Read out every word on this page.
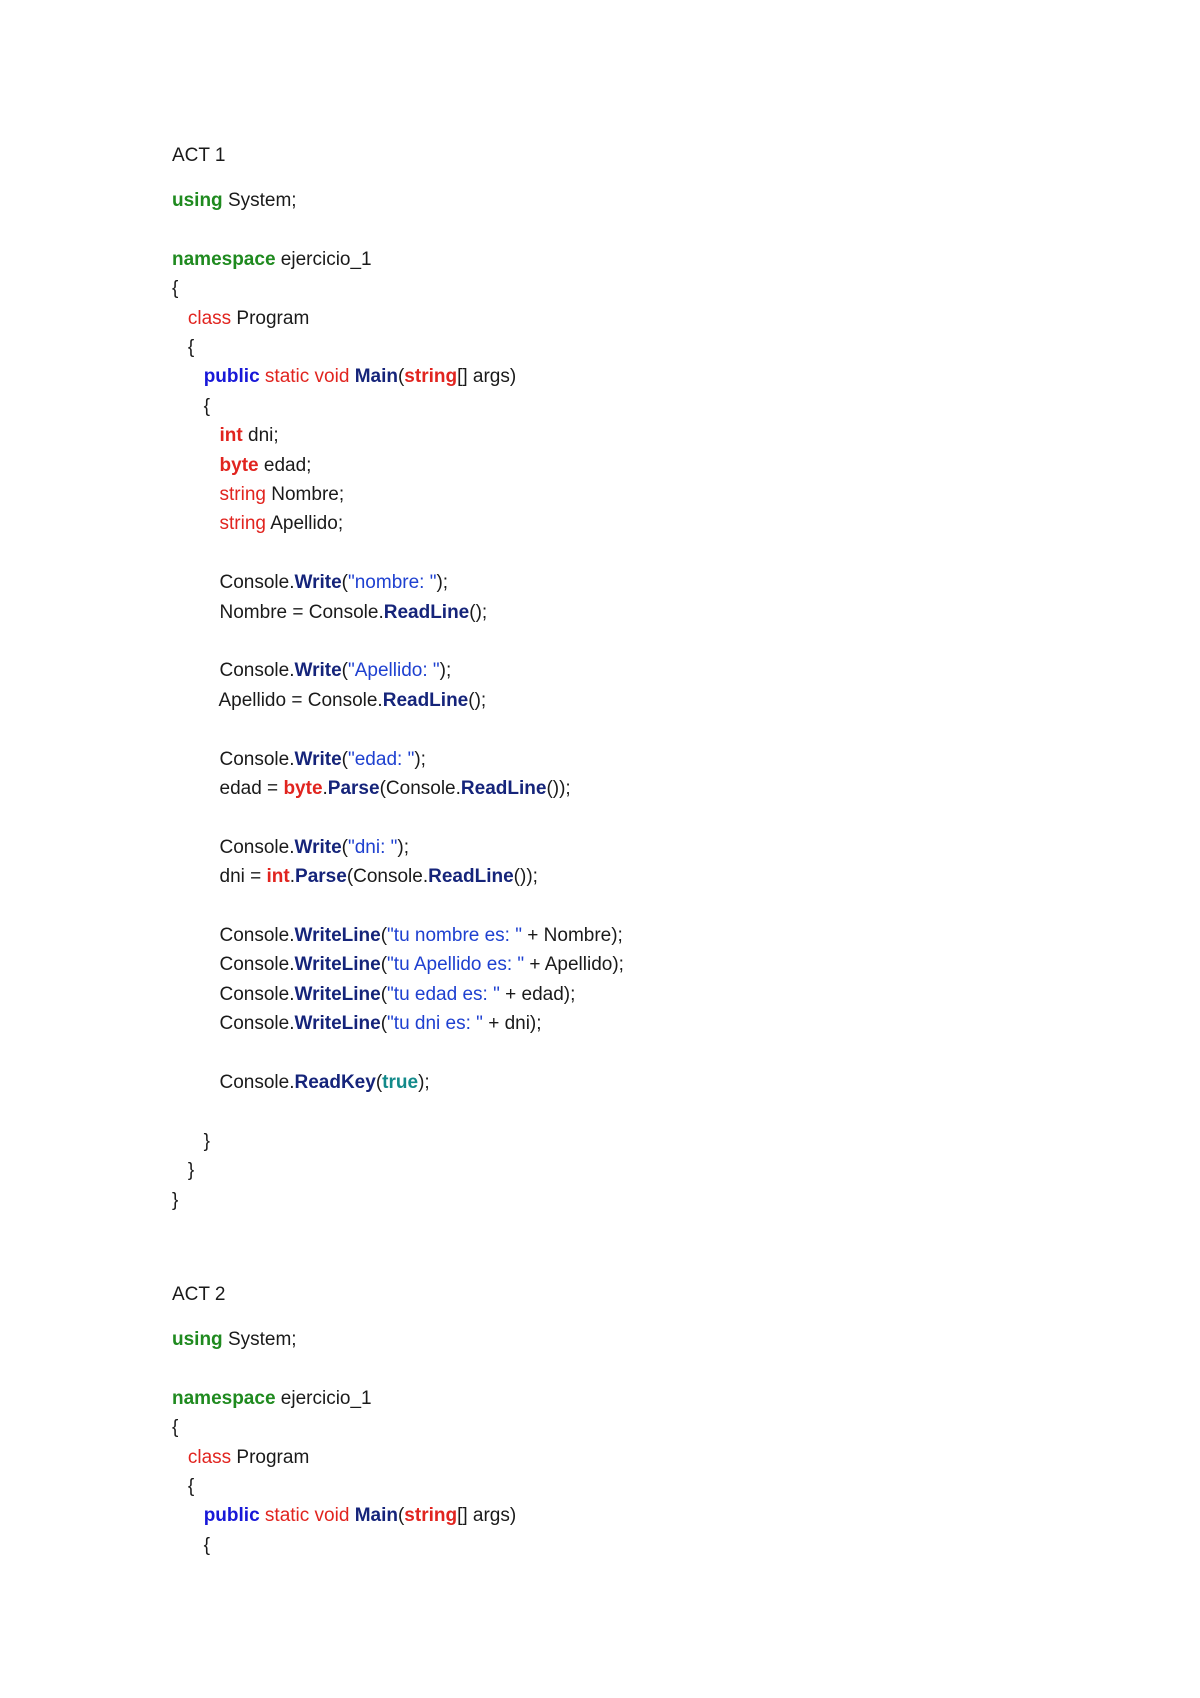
ACT 1
using System;
namespace ejercicio_1
{
class Program
{
public static void Main(string[] args)
{
int dni;
byte edad;
string Nombre;
string Apellido;
Console.Write("nombre: ");
Nombre = Console.ReadLine();
Console.Write("Apellido: ");
Apellido = Console.ReadLine();
Console.Write("edad: ");
edad = byte.Parse(Console.ReadLine());
Console.Write("dni: ");
dni = int.Parse(Console.ReadLine());
Console.WriteLine("tu nombre es: " + Nombre);
Console.WriteLine("tu Apellido es: " + Apellido);
Console.WriteLine("tu edad es: " + edad);
Console.WriteLine("tu dni es: " + dni);
Console.ReadKey(true);
}
}
}
ACT 2
using System;
namespace ejercicio_1
{
class Program
{
public static void Main(string[] args)
{
